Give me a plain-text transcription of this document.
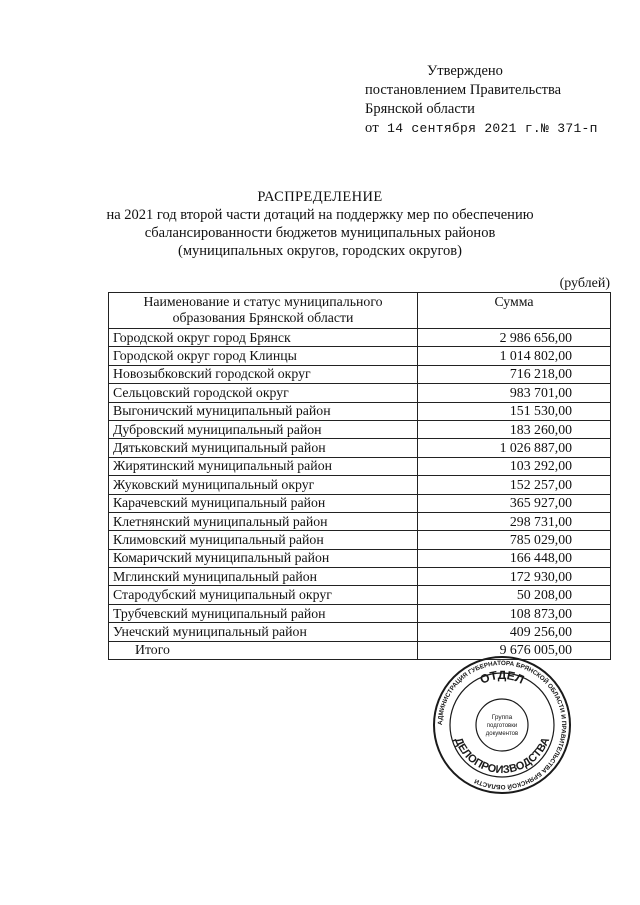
Утверждено
постановлением Правительства
Брянской области
от 14 сентября 2021 г.№ 371-п
РАСПРЕДЕЛЕНИЕ
на 2021 год второй части дотаций на поддержку мер по обеспечению
сбалансированности бюджетов муниципальных районов
(муниципальных округов, городских округов)
(рублей)
Наименование и статус муниципального
образования Брянской области	Сумма
Городской округ город Брянск	2 986 656,00
Городской округ город Клинцы	1 014 802,00
Новозыбковский городской округ	716 218,00
Сельцовский городской округ	983 701,00
Выгоничский муниципальный район	151 530,00
Дубровский муниципальный район	183 260,00
Дятьковский муниципальный район	1 026 887,00
Жирятинский муниципальный район	103 292,00
Жуковский муниципальный округ	152 257,00
Карачевский муниципальный район	365 927,00
Клетнянский муниципальный район	298 731,00
Климовский муниципальный район	785 029,00
Комаричский муниципальный район	166 448,00
Мглинский муниципальный район	172 930,00
Стародубский муниципальный округ	50 208,00
Трубчевский муниципальный район	108 873,00
Унечский муниципальный район	409 256,00
Итого	9 676 005,00
АДМИНИСТРАЦИЯ ГУБЕРНАТОРА БРЯНСКОЙ ОБЛАСТИ И ПРАВИТЕЛЬСТВА БРЯНСКОЙ ОБЛАСТИ
ОТДЕЛ
ДЕЛОПРОИЗВОДСТВА
Группа
подготовки
документов
